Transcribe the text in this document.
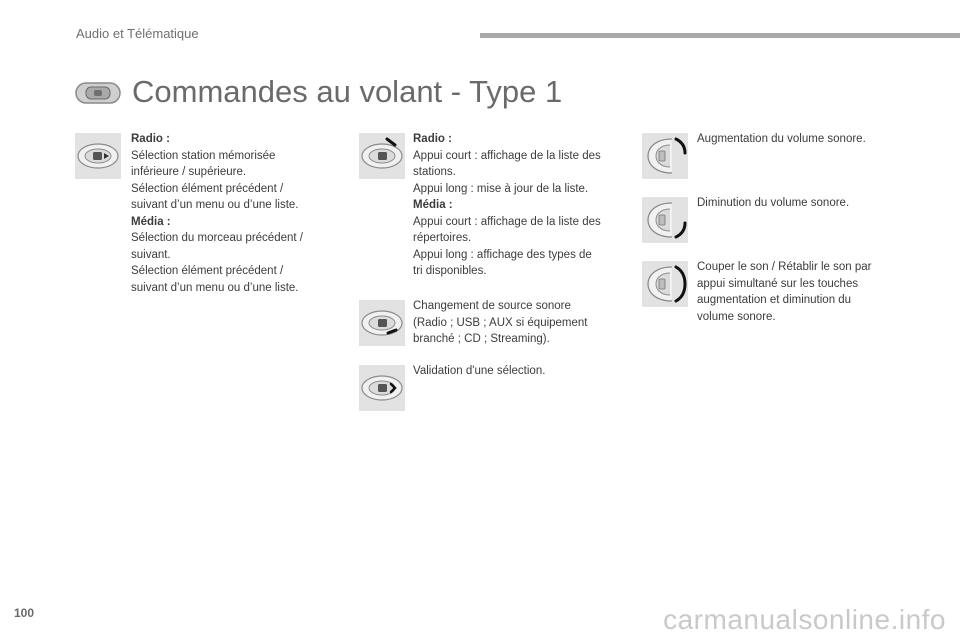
Audio et Télématique
Commandes au volant - Type 1

Radio :

Sélection station mémorisée

inférieure / supérieure.

Sélection élément précédent /

suivant d’un menu ou d’une liste.

Média :

Sélection du morceau précédent /

suivant.

Sélection élément précédent /

suivant d’un menu ou d’une liste.

Radio :

Appui court : affichage de la liste des

stations.

Appui long : mise à jour de la liste.

Média :

Appui court : affichage de la liste des

répertoires.

Appui long : affichage des types de

tri disponibles.

Changement de source sonore

(Radio ; USB ; AUX si équipement

branché ; CD ; Streaming).

Validation d'une sélection.

Augmentation du volume sonore.

Diminution du volume sonore.

Couper le son / Rétablir le son par

appui simultané sur les touches

augmentation et diminution du

volume sonore.

100	carmanualsonline.info
